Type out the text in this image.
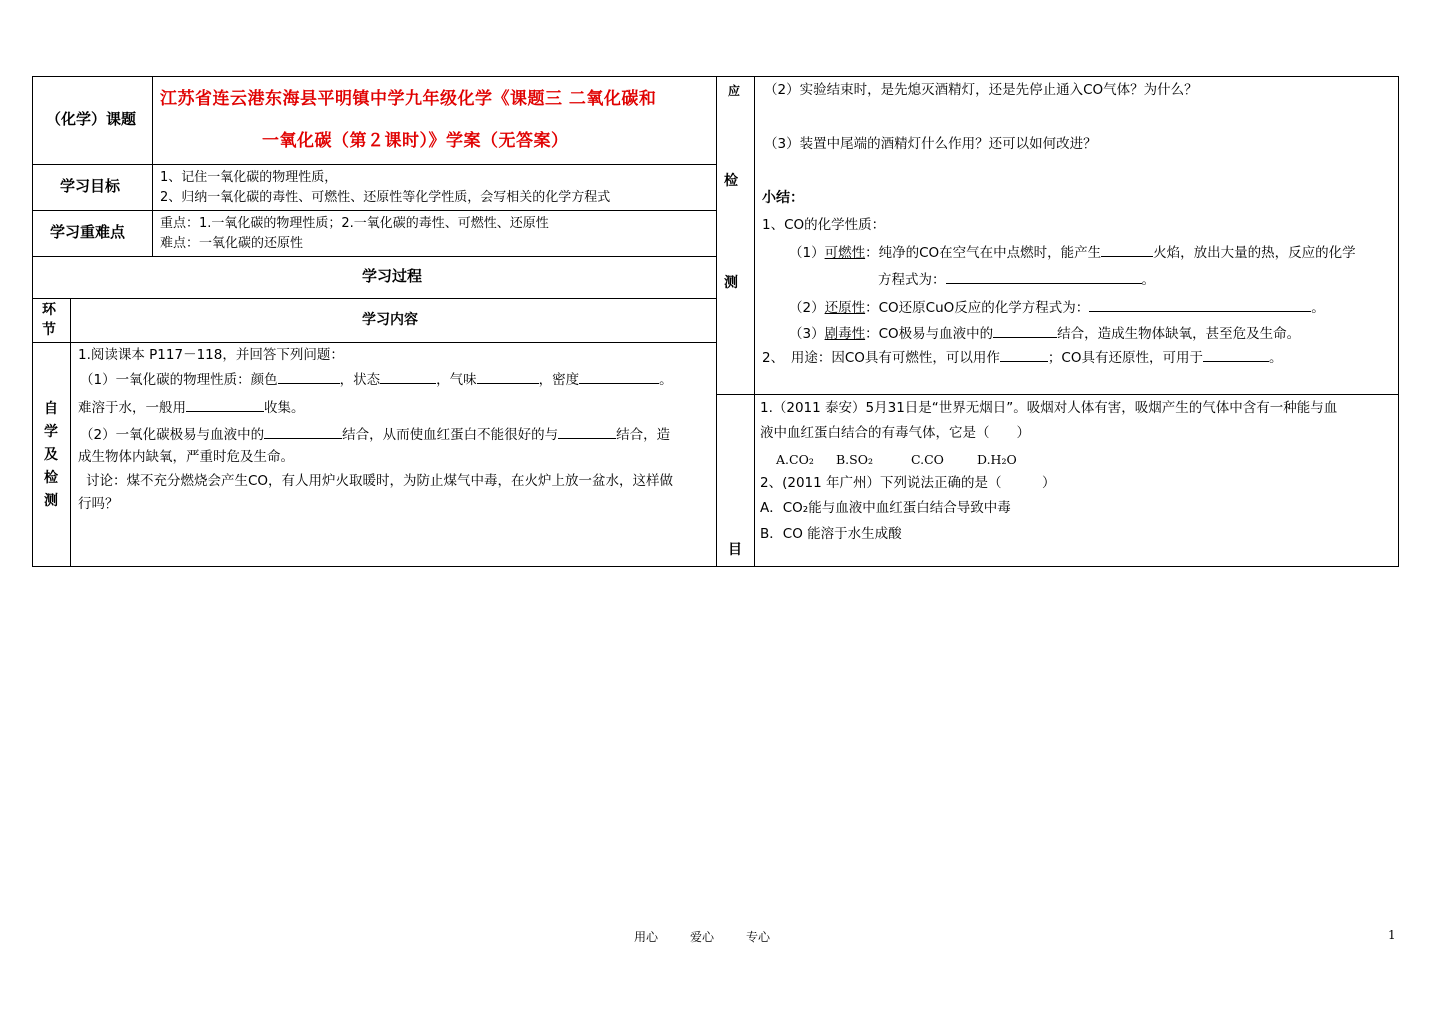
（化学）课题
江苏省连云港东海县平明镇中学九年级化学《课题三 二氧化碳和
一氧化碳（第２课时）》学案（无答案）
学习目标	1、记住一氧化碳的物理性质，
2、归纳一氧化碳的毒性、可燃性、还原性等化学性质，会写相关的化学方程式
学习重难点	重点：1.一氧化碳的物理性质；2.一氧化碳的毒性、可燃性、还原性
难点：一氧化碳的还原性
学习过程
环
节
学习内容
自
学
及
检
测
1.阅读课本 P117－118，并回答下列问题：
（1）一氧化碳的物理性质：颜色	，状态	，气味	，密度	。
难溶于水，一般用	收集。
（2）一氧化碳极易与血液中的	结合，从而使血红蛋白不能很好的与	结合，造
成生物体内缺氧，严重时危及生命。
讨论：煤不充分燃烧会产生CO，有人用炉火取暖时，为防止煤气中毒，在火炉上放一盆水，这样做
行吗？
应
检
测
目
（2）实验结束时，是先熄灭酒精灯，还是先停止通入CO气体？为什么？
（3）装置中尾端的酒精灯什么作用？还可以如何改进？
小结：
1、CO的化学性质：
（1）可燃性：纯净的CO在空气在中点燃时，能产生	火焰，放出大量的热，反应的化学
方程式为：	。
（2）还原性：CO还原CuO反应的化学方程式为：	。
（3）剧毒性：CO极易与血液中的	结合，造成生物体缺氧，甚至危及生命。
2、　用途：因CO具有可燃性，可以用作	；CO具有还原性，可用于	。
1.（2011 泰安）5月31日是“世界无烟日”。吸烟对人体有害，吸烟产生的气体中含有一种能与血
液中血红蛋白结合的有毒气体，它是（　　）
A.CO₂ B.SO₂	C.CO	D.H₂O
2、(2011 年广州）下列说法正确的是（　　　）
A．CO₂能与血液中血红蛋白结合导致中毒
B．CO 能溶于水生成酸
用心	爱心	专心	1
